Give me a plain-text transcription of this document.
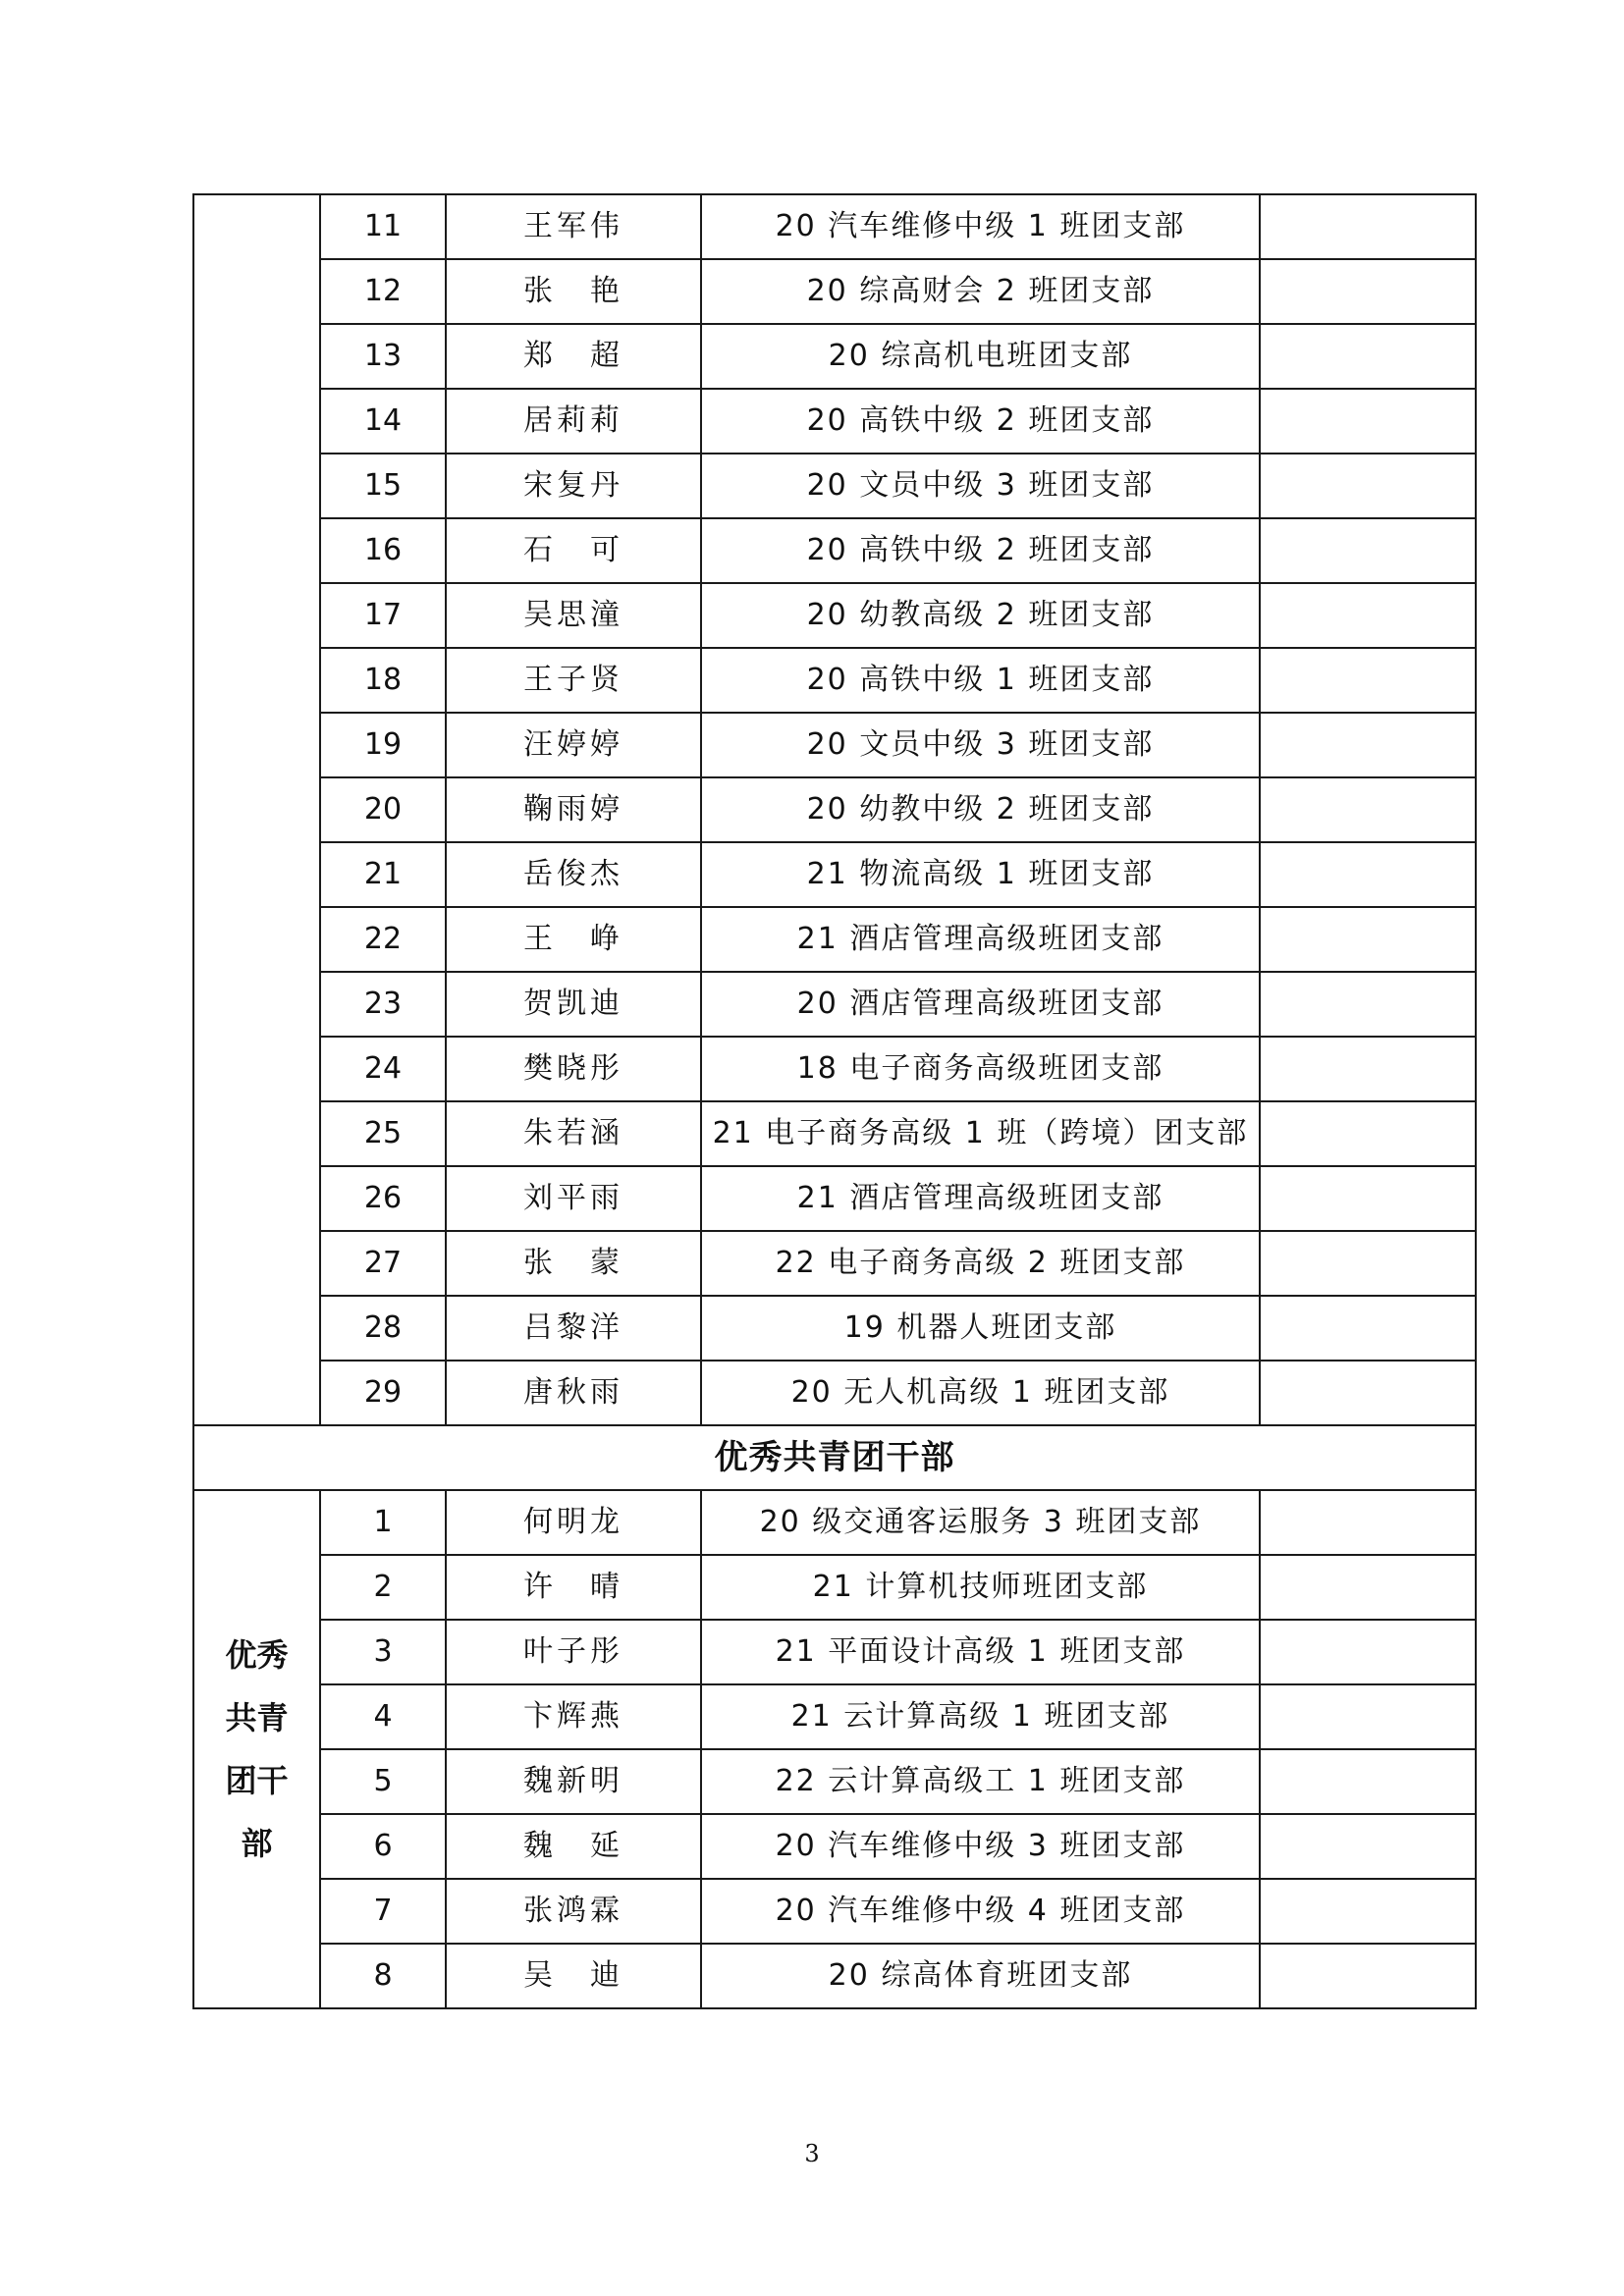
	11	王军伟	20 汽车维修中级 1 班团支部	
	12	张　艳	20 综高财会 2 班团支部	
	13	郑　超	20 综高机电班团支部	
	14	居莉莉	20 高铁中级 2 班团支部	
	15	宋复丹	20 文员中级 3 班团支部	
	16	石　可	20 高铁中级 2 班团支部	
	17	吴思潼	20 幼教高级 2 班团支部	
	18	王子贤	20 高铁中级 1 班团支部	
	19	汪婷婷	20 文员中级 3 班团支部	
	20	鞠雨婷	20 幼教中级 2 班团支部	
	21	岳俊杰	21 物流高级 1 班团支部	
	22	王　峥	21 酒店管理高级班团支部	
	23	贺凯迪	20 酒店管理高级班团支部	
	24	樊晓彤	18 电子商务高级班团支部	
	25	朱若涵	21 电子商务高级 1 班（跨境）团支部	
	26	刘平雨	21 酒店管理高级班团支部	
	27	张　蒙	22 电子商务高级 2 班团支部	
	28	吕黎洋	19 机器人班团支部	
	29	唐秋雨	20 无人机高级 1 班团支部	
优秀共青团干部				
优秀共青团干部	1	何明龙	20 级交通客运服务 3 班团支部	
	2	许　晴	21 计算机技师班团支部	
	3	叶子彤	21 平面设计高级 1 班团支部	
	4	卞辉燕	21 云计算高级 1 班团支部	
	5	魏新明	22 云计算高级工 1 班团支部	
	6	魏　延	20 汽车维修中级 3 班团支部	
	7	张鸿霖	20 汽车维修中级 4 班团支部	
	8	吴　迪	20 综高体育班团支部	
3
